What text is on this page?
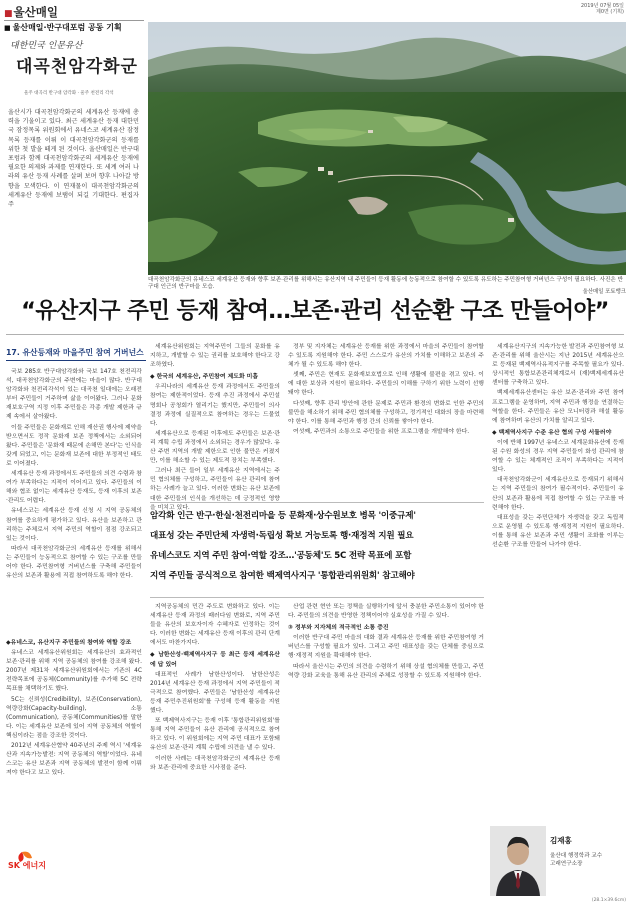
■울산매일	2019년 07월 05일
제0면 (기획)
■ 울산매일·반구대포럼 공동 기획
대한민국 인문유산
대곡천암각화군
울주 대곡리 반구대 암각화 · 울주 천전리 각석
울산시가 대곡천암각화군의 세계유산 등재에 총력을 기울이고 있다. 최근 세계유산 등재 대한민국 잠정목록 위원회에서 유네스코 세계유산 잠정목록 등재를 이뤄 이 대곡천암각화군의 등재를 위한 첫 발을 떼게 된 것이다. 울산매일은 반구대포럼과 함께 대곡천암각화군의 세계유산 등재에 필요한 의제와 과제를 연재한다. 또 세계 여러 나라의 유산 등재 사례를 살펴 보며 향후 나아갈 방향을 모색한다. 이 연재물이 대곡천암각화군의 세계유산 등재에 보탬이 되길 기대한다. 편집자 주
대곡천암각화군의 유네스코 세계유산 등재와 향후 보존·관리를 위해서는 유산지역 내 주민들이 등재 활동에 능동적으로 참여할 수 있도록 유도하는 주민참여형 거버넌스 구성이 필요하다. 사진은 반구대 인근의 반구마을 모습.
울산매일 포토뱅크
“유산지구 주민 등재 참여…보존·관리 선순환 구조 만들어야”
17. 유산등재와 마을주민 참여 거버넌스

국보 285호 반구대암각화와 국보 147호 천전리각석, 대곡천암각화군의 주변에는 마을이 많다. 반구대암각화와 천전리각석이 있는 대곡천 일대에는 오래전부터 주민들이 거주하며 삶을 이어왔다. 그러나 문화재보호구역 지정 이후 주민들은 각종 개발 제한과 규제 속에서 살아왔다.

이들 주민들은 문화재로 인해 재산권 행사에 제약을 받으면서도 정작 문화재 보존 정책에서는 소외되어 왔다. 주민들은 '문화재 때문에 손해만 본다'는 인식을 갖게 되었고, 이는 문화재 보존에 대한 부정적인 태도로 이어졌다.

세계유산 등재 과정에서도 주민들의 의견 수렴과 참여가 부족하다는 지적이 이어지고 있다. 주민들의 이해와 협조 없이는 세계유산 등재도, 등재 이후의 보존·관리도 어렵다.

유네스코는 세계유산 등재 신청 시 지역 공동체의 참여를 중요하게 평가하고 있다. 유산을 보존하고 관리하는 주체로서 지역 주민의 역할이 점점 강조되고 있는 것이다.

따라서 대곡천암각화군의 세계유산 등재를 위해서는 주민들이 능동적으로 참여할 수 있는 구조를 만들어야 한다. 주민참여형 거버넌스를 구축해 주민들이 유산의 보존과 활용에 직접 참여하도록 해야 한다.

◆유네스코, 유산지구 주민들의 참여와 역할 강조

유네스코 세계유산위원회는 세계유산의 효과적인 보존·관리를 위해 지역 공동체의 참여를 강조해 왔다. 2007년 제31차 세계유산위원회에서는 기존의 4C 전략목표에 공동체(Community)를 추가해 5C 전략목표를 채택하기도 했다.

5C는 신뢰성(Credibility), 보존(Conservation), 역량강화(Capacity-building), 소통(Communication), 공동체(Communities)를 말한다. 이는 세계유산 보존에 있어 지역 공동체의 역할이 핵심이라는 점을 강조한 것이다.

2012년 세계유산협약 40주년의 주제 역시 '세계유산과 지속가능발전: 지역 공동체의 역할'이었다. 유네스코는 유산 보존과 지역 공동체의 발전이 함께 이뤄져야 한다고 보고 있다.

세계유산위원회는 지역주민이 그들의 문화를 유지하고, 개발할 수 있는 권리를 보호해야 한다고 강조하였다.

◆ 한국의 세계유산, 주민참여 제도화 미흡

우리나라의 세계유산 등재 과정에서도 주민들의 참여는 제한적이었다. 등재 추진 과정에서 주민설명회나 공청회가 열리기는 했지만, 주민들이 의사결정 과정에 실질적으로 참여하는 경우는 드물었다.

세계유산으로 등재된 이후에도 주민들은 보존·관리 계획 수립 과정에서 소외되는 경우가 많았다. 유산 주변 지역의 개발 제한으로 인한 불만은 커졌지만, 이를 해소할 수 있는 제도적 장치는 부족했다.

그러나 최근 들어 일부 세계유산 지역에서는 주민 협의체를 구성하고, 주민들이 유산 관리에 참여하는 사례가 늘고 있다. 이러한 변화는 유산 보존에 대한 주민들의 인식을 개선하는 데 긍정적인 영향을 미치고 있다.

정부 및 지자체는 세계유산 등재를 위한 과정에서 마을의 주민들이 참여할 수 있도록 지원해야 한다. 주민 스스로가 유산의 가치를 이해하고 보존의 주체가 될 수 있도록 해야 한다.

셋째, 주민은 현재도 문화재보호법으로 인해 생활에 불편을 겪고 있다. 이에 대한 보상과 지원이 필요하다. 주민들의 이해를 구하기 위한 노력이 선행돼야 한다.

다섯째, 향후 관리 방안에 관한 문제로 주민과 환경의 변화로 인한 주민의 불만을 해소하기 위해 주민 협의체를 구성하고, 정기적인 대화의 장을 마련해야 한다. 이를 통해 주민과 행정 간의 신뢰를 쌓아야 한다.

여섯째, 주민과의 소통으로 주민들을 위한 프로그램을 개발해야 한다.

암각화 인근 반구·한실·천전리마을 등 문화재·상수원보호 병목 '이중규제'
대표성 갖는 주민단체 자생력·독립성 확보 거능토록 행·재정적 지원 필요
유네스코도 지역 주민 참여·역할 강조…'공동체'도 5C 전략 목표에 포함
지역 주민들 공식적으로 참여한 백제역사지구 '통합관리위원회' 참고해야

지역공동체의 민간 주도로 변화하고 있다. 이는 세계유산 등재 과정의 패러다임 변화로, 지역 주민들을 유산의 보호자이자 수혜자로 인정하는 것이다. 이러한 변화는 세계유산 등재 이후의 관리 단계에서도 마찬가지다.

◆ 남한산성·백제역사지구 등 최근 등재 세계유산에 답 있어

대표적인 사례가 남한산성이다. 남한산성은 2014년 세계유산 등재 과정에서 지역 주민들이 적극적으로 참여했다. 주민들은 '남한산성 세계유산 등재 주민추진위원회'를 구성해 등재 활동을 지원했다.

또 백제역사지구는 등재 이후 '통합관리위원회'를 통해 지역 주민들이 유산 관리에 공식적으로 참여하고 있다. 이 위원회에는 지역 주민 대표가 포함돼 유산의 보존·관리 계획 수립에 의견을 낼 수 있다.

이러한 사례는 대곡천암각화군의 세계유산 등재와 보존·관리에 중요한 시사점을 준다.

산업 관련 현안 또는 정책을 실행하기에 앞서 충분한 주민소통이 있어야 한다. 주민들의 의견을 반영한 정책이어야 실효성을 가질 수 있다.

③ 정부와 지자체의 적극적인 소통 증진

이러한 반구대 주민 마을의 대화 결과 세계유산 등재를 위한 주민참여형 거버넌스를 구성할 필요가 있다. 그리고 주민 대표성을 갖는 단체를 중심으로 행·재정적 지원을 확대해야 한다.

따라서 울산시는 주민의 의견을 수렴하기 위해 상설 협의체를 만들고, 주민 역량 강화 교육을 통해 유산 관리의 주체로 성장할 수 있도록 지원해야 한다.

세계유산지구의 지속가능한 발전과 주민참여형 보존·관리를 위해 울산시는 지난 2015년 세계유산으로 등재된 백제역사유적지구를 주목할 필요가 있다. 상시적인 통합보존관리체계로서 (재)백제세계유산센터를 구축하고 있다.

백제세계유산센터는 유산 보존·관리와 주민 참여 프로그램을 운영하며, 지역 주민과 행정을 연결하는 역할을 한다. 주민들은 유산 모니터링과 해설 활동에 참여하며 유산의 가치를 알리고 있다.

◆ 백제역사지구 수준 유산 협의 구성 서둘러야

이에 반해 1997년 유네스코 세계문화유산에 등재된 수원 화성의 경우 지역 주민들이 화성 관리에 참여할 수 있는 체계적인 조직이 부족하다는 지적이 있다.

대곡천암각화군이 세계유산으로 등재되기 위해서는 지역 주민들의 참여가 필수적이다. 주민들이 유산의 보존과 활용에 직접 참여할 수 있는 구조를 마련해야 한다.

대표성을 갖는 주민단체가 자생력을 갖고 독립적으로 운영될 수 있도록 행·재정적 지원이 필요하다. 이를 통해 유산 보존과 주민 생활이 조화를 이루는 선순환 구조를 만들어 나가야 한다.

김재홍
울산대 행정학과 교수
고래연구소장
SK 에너지
(28.1×39.6cm)
